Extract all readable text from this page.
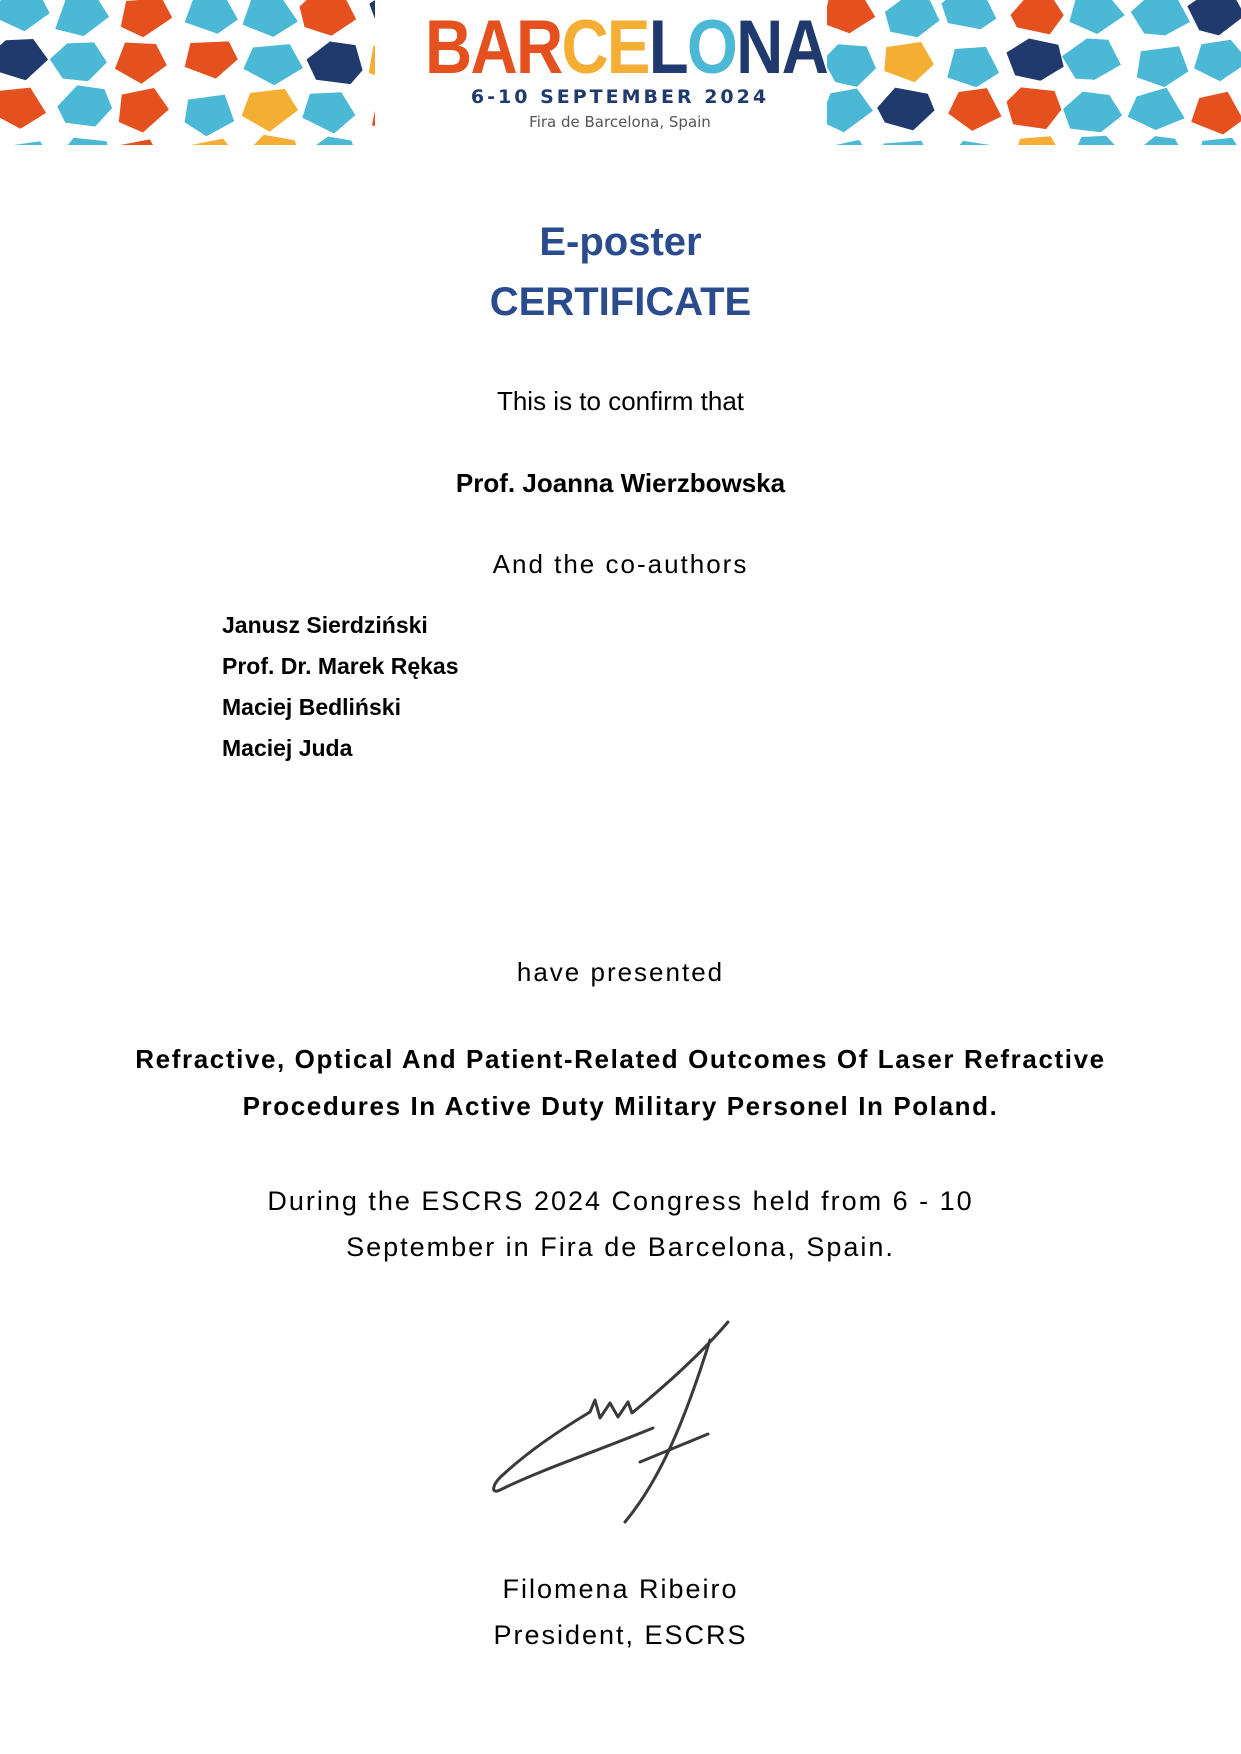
BARCELONA
6-10 SEPTEMBER 2024
Fira de Barcelona, Spain
E-poster
CERTIFICATE
This is to confirm that
Prof. Joanna Wierzbowska
And the co-authors
Janusz Sierdziński
Prof. Dr. Marek Rękas
Maciej Bedliński
Maciej Juda
have presented
Refractive, Optical And Patient-Related Outcomes Of Laser Refractive
Procedures In Active Duty Military Personel In Poland.
During the ESCRS 2024 Congress held from 6 - 10
September in Fira de Barcelona, Spain.
Filomena Ribeiro
President, ESCRS
